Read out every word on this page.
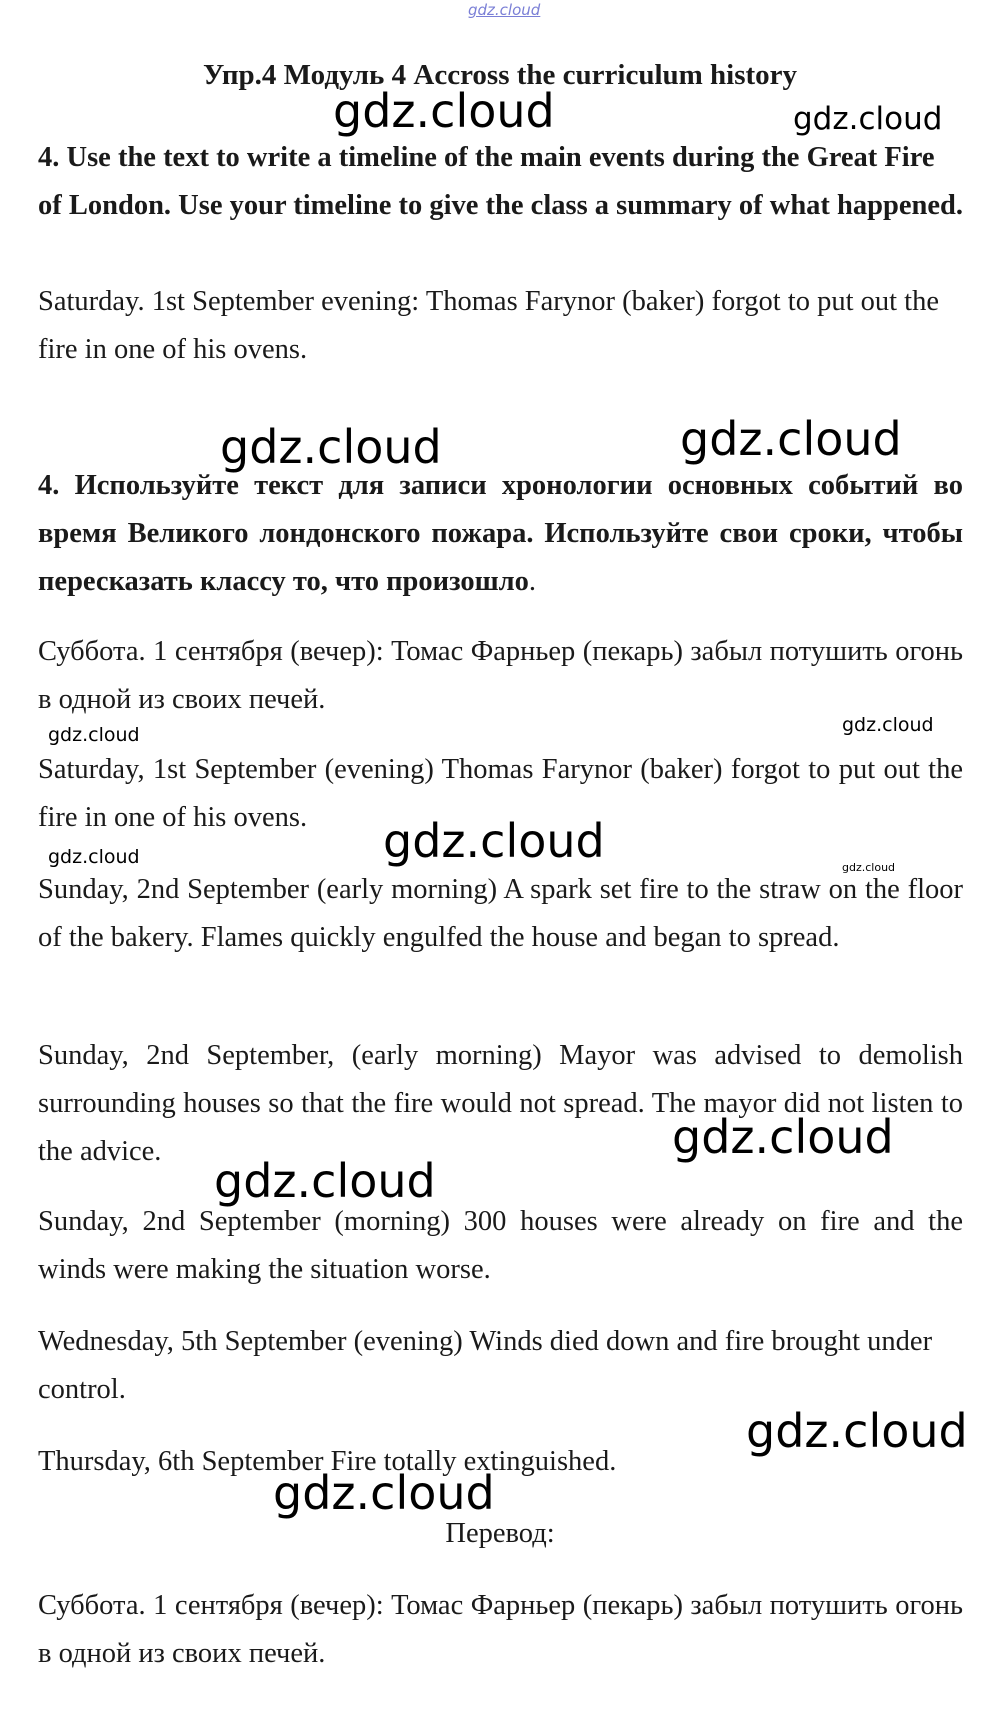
gdz.cloud
Упр.4 Модуль 4 Accross the curriculum history

4. Use the text to write a timeline of the main events during the Great Fire of London. Use your timeline to give the class a summary of what happened.

Saturday. 1st September evening: Thomas Farynor (baker) forgot to put out the fire in one of his ovens.

4. Используйте текст для записи хронологии основных событий во время Великого лондонского пожара. Используйте свои сроки, чтобы пересказать классу то, что произошло.

Суббота. 1 сентября (вечер): Томас Фарньер (пекарь) забыл потушить огонь в одной из своих печей.

Saturday, 1st September (evening) Thomas Farynor (baker) forgot to put out the fire in one of his ovens.

Sunday, 2nd September (early morning) A spark set fire to the straw on the floor of the bakery. Flames quickly engulfed the house and began to spread.

Sunday, 2nd September, (early morning) Mayor was advised to demolish surrounding houses so that the fire would not spread. The mayor did not listen to the advice.

Sunday, 2nd September (morning) 300 houses were already on fire and the winds were making the situation worse.

Wednesday, 5th September (evening) Winds died down and fire brought under control.

Thursday, 6th September Fire totally extinguished.

Перевод:

Суббота. 1 сентября (вечер): Томас Фарньер (пекарь) забыл потушить огонь в одной из своих печей.

gdz.cloud	gdz.cloud
gdz.cloud	gdz.cloud
gdz.cloud	gdz.cloud
gdz.cloud
gdz.cloud	gdz.cloud
gdz.cloud
gdz.cloud
gdz.cloud
gdz.cloud
